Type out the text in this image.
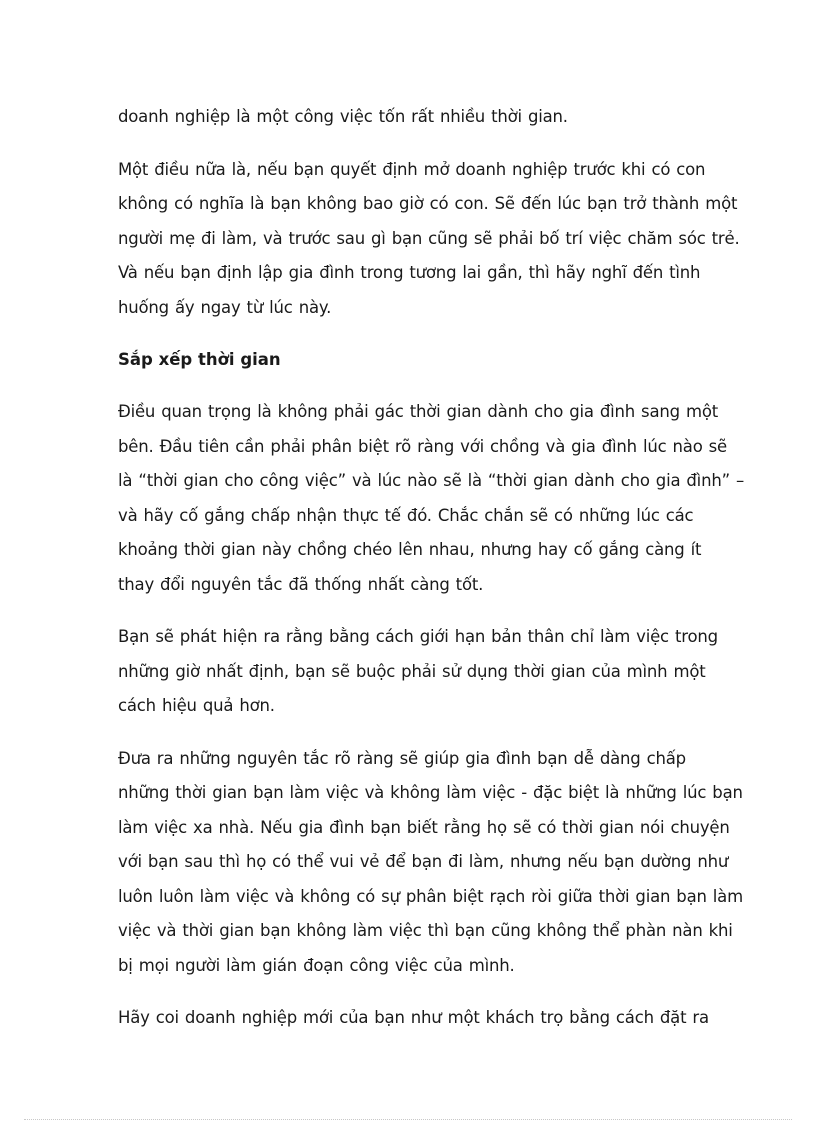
doanh nghiệp là một công việc tốn rất nhiều thời gian.

Một điều nữa là, nếu bạn quyết định mở doanh nghiệp trước khi có con
không có nghĩa là bạn không bao giờ có con. Sẽ đến lúc bạn trở thành một
người mẹ đi làm, và trước sau gì bạn cũng sẽ phải bố trí việc chăm sóc trẻ.
Và nếu bạn định lập gia đình trong tương lai gần, thì hãy nghĩ đến tình
huống ấy ngay từ lúc này.

Sắp xếp thời gian

Điều quan trọng là không phải gác thời gian dành cho gia đình sang một
bên. Đầu tiên cần phải phân biệt rõ ràng với chồng và gia đình lúc nào sẽ
là “thời gian cho công việc” và lúc nào sẽ là “thời gian dành cho gia đình” –
và hãy cố gắng chấp nhận thực tế đó. Chắc chắn sẽ có những lúc các
khoảng thời gian này chồng chéo lên nhau, nhưng hay cố gắng càng ít
thay đổi nguyên tắc đã thống nhất càng tốt.

Bạn sẽ phát hiện ra rằng bằng cách giới hạn bản thân chỉ làm việc trong
những giờ nhất định, bạn sẽ buộc phải sử dụng thời gian của mình một
cách hiệu quả hơn.

Đưa ra những nguyên tắc rõ ràng sẽ giúp gia đình bạn dễ dàng chấp
những thời gian bạn làm việc và không làm việc - đặc biệt là những lúc bạn
làm việc xa nhà. Nếu gia đình bạn biết rằng họ sẽ có thời gian nói chuyện
với bạn sau thì họ có thể vui vẻ để bạn đi làm, nhưng nếu bạn dường như
luôn luôn làm việc và không có sự phân biệt rạch ròi giữa thời gian bạn làm
việc và thời gian bạn không làm việc thì bạn cũng không thể phàn nàn khi
bị mọi người làm gián đoạn công việc của mình.

Hãy coi doanh nghiệp mới của bạn như một khách trọ bằng cách đặt ra
